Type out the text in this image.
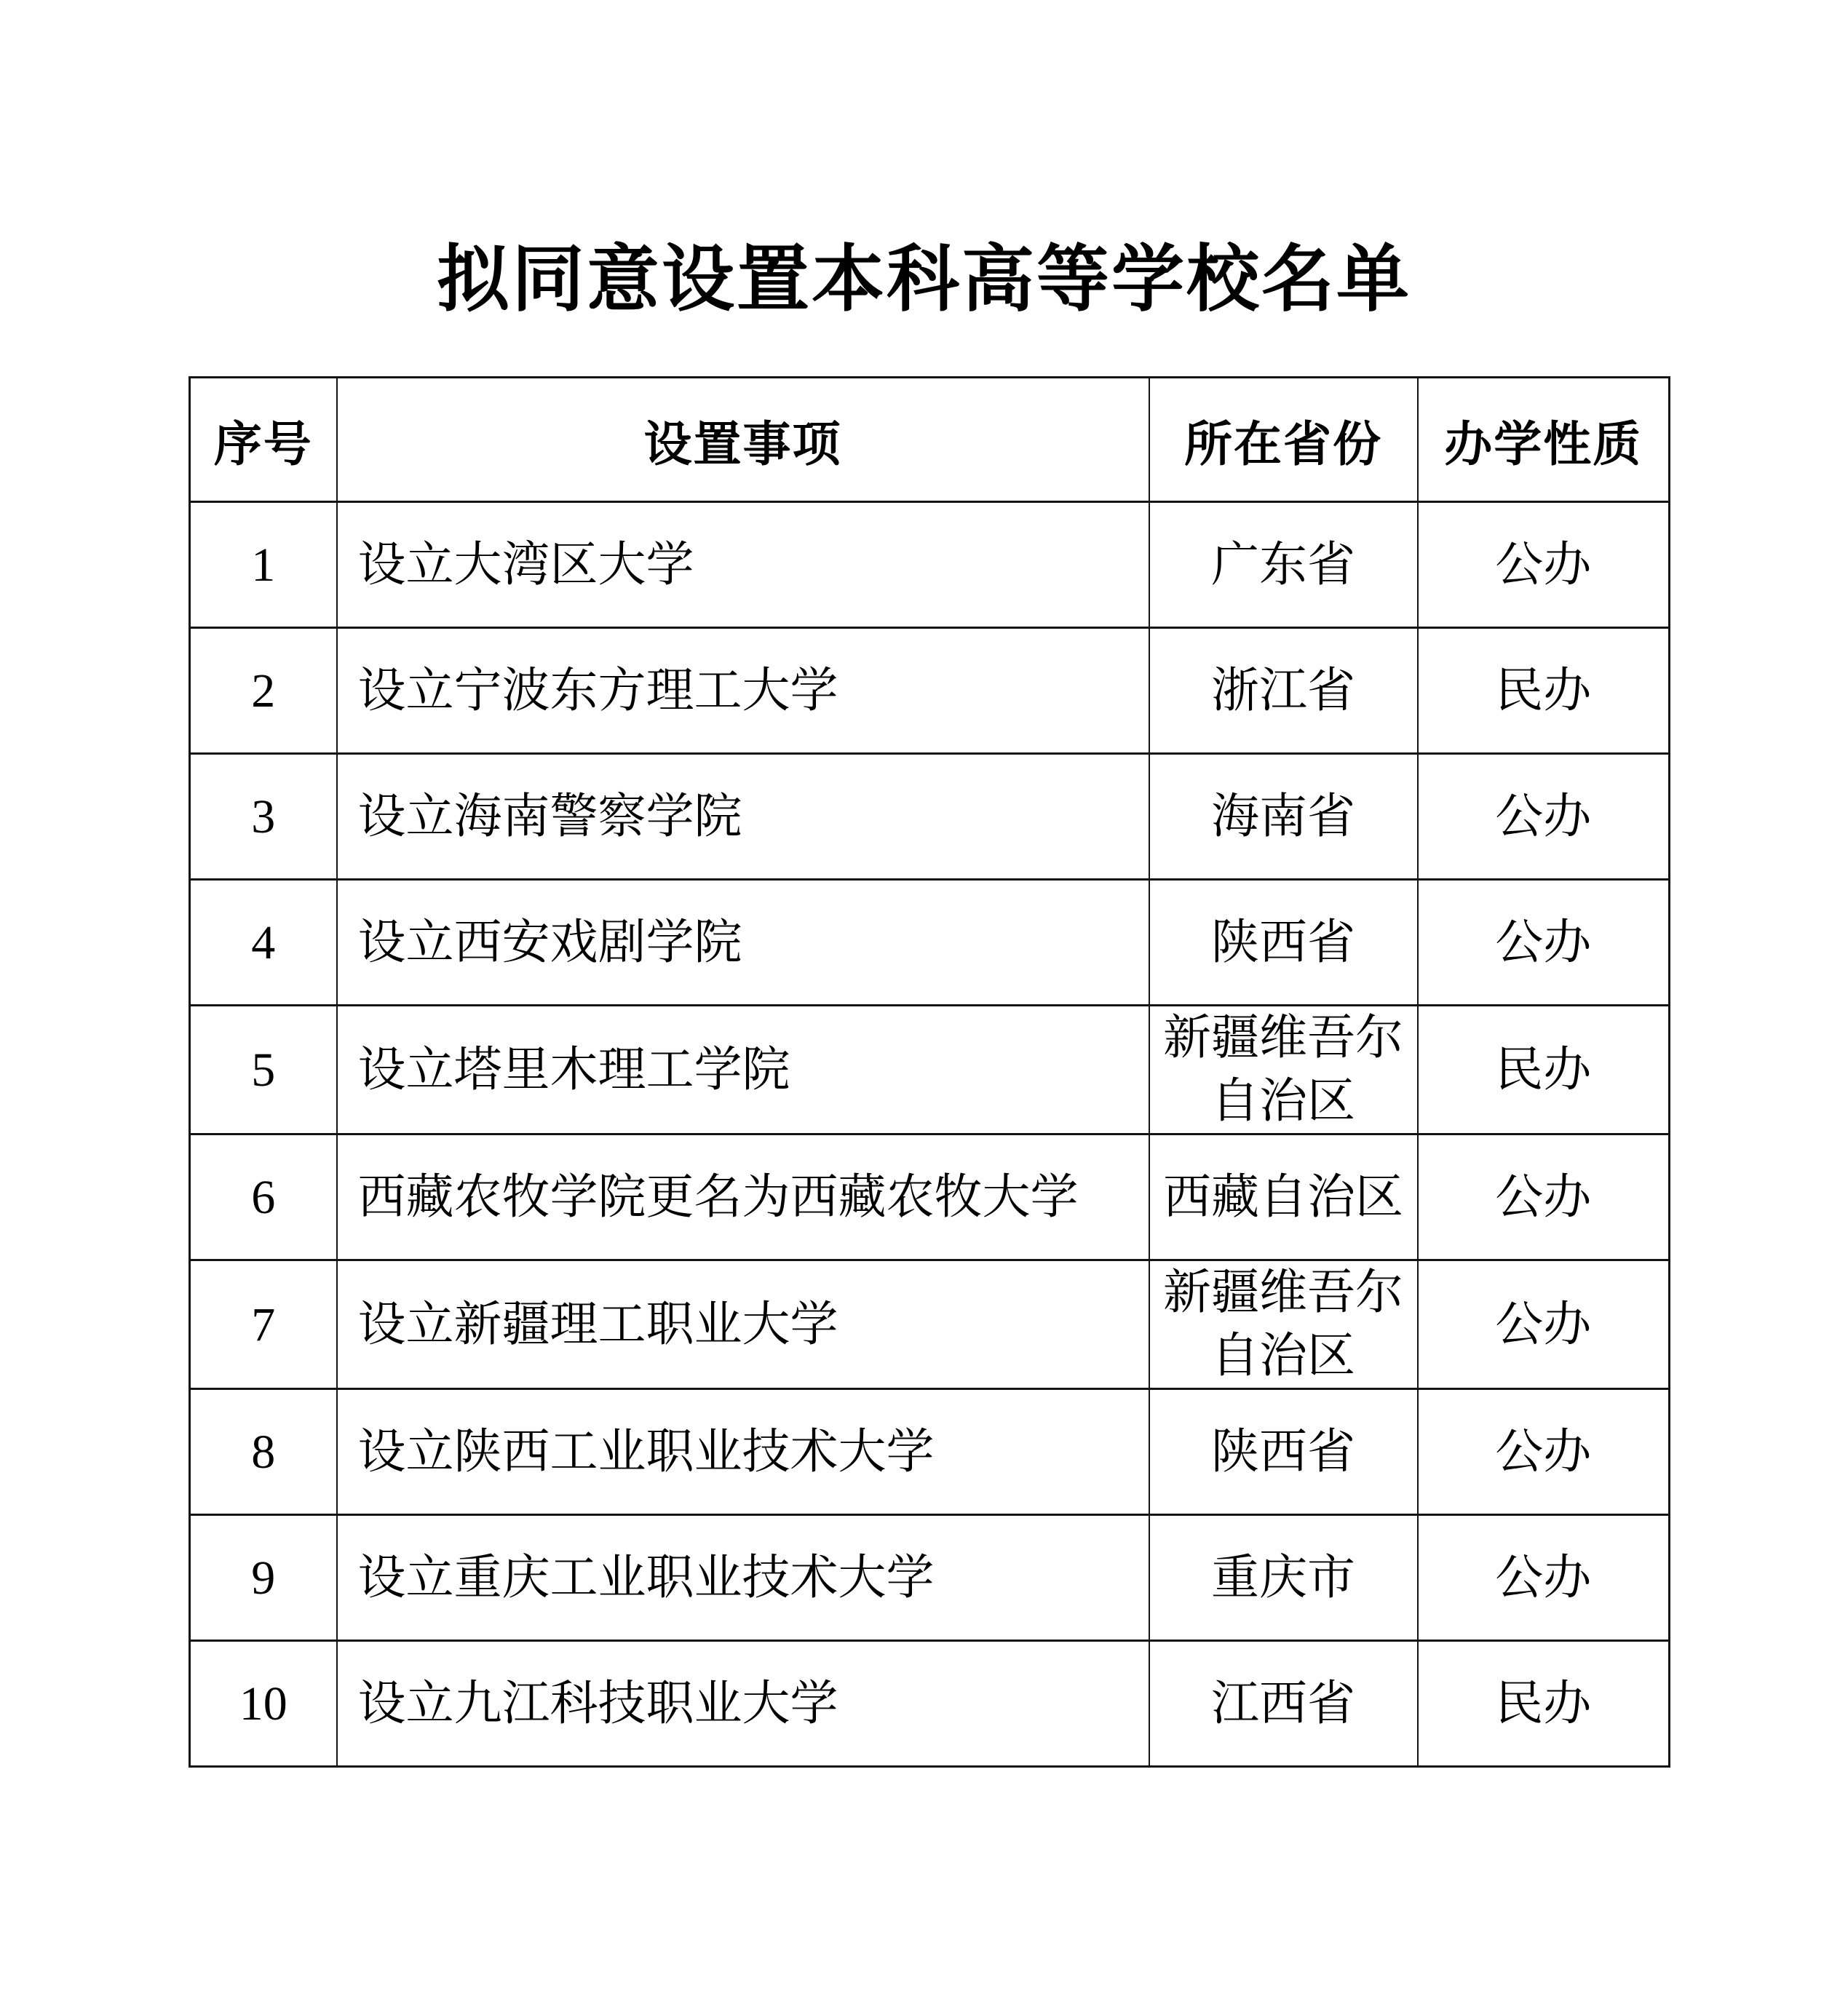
拟同意设置本科高等学校名单
序号	设置事项	所在省份	办学性质
1	设立大湾区大学	广东省	公办
2	设立宁波东方理工大学	浙江省	民办
3	设立海南警察学院	海南省	公办
4	设立西安戏剧学院	陕西省	公办
5	设立塔里木理工学院	新疆维吾尔自治区	民办
6	西藏农牧学院更名为西藏农牧大学	西藏自治区	公办
7	设立新疆理工职业大学	新疆维吾尔自治区	公办
8	设立陕西工业职业技术大学	陕西省	公办
9	设立重庆工业职业技术大学	重庆市	公办
10	设立九江科技职业大学	江西省	民办
